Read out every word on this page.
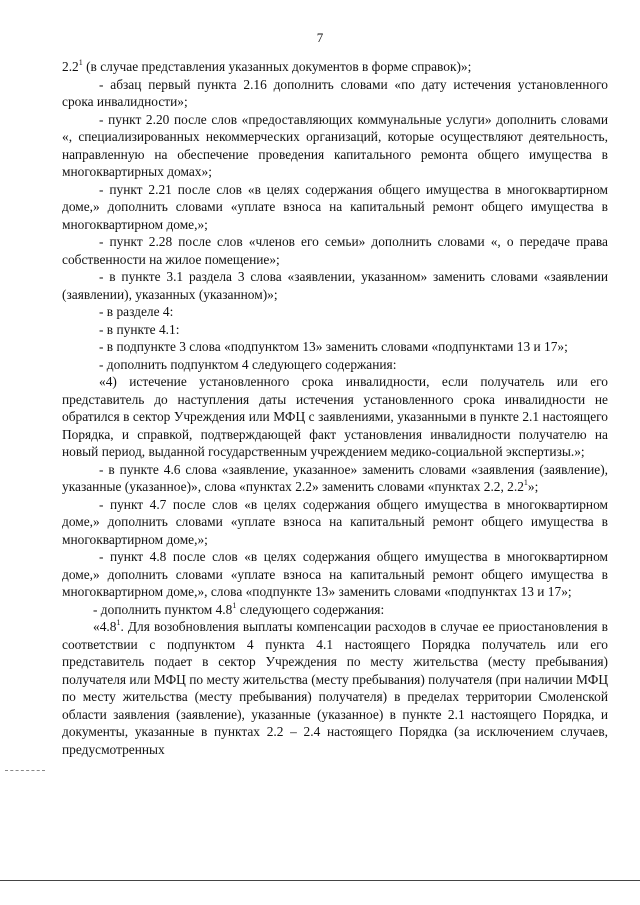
7

$2.2^1$ (в случае представления указанных документов в форме справок)»;

- абзац первый пункта 2.16 дополнить словами «по дату истечения установленного срока инвалидности»;

- пункт 2.20 после слов «предоставляющих коммунальные услуги» дополнить словами «, специализированных некоммерческих организаций, которые осуществляют деятельность, направленную на обеспечение проведения капитального ремонта общего имущества в многоквартирных домах»;

- пункт 2.21 после слов «в целях содержания общего имущества в многоквартирном доме,» дополнить словами «уплате взноса на капитальный ремонт общего имущества в многоквартирном доме,»;

- пункт 2.28 после слов «членов его семьи» дополнить словами «, о передаче права собственности на жилое помещение»;

- в пункте 3.1 раздела 3 слова «заявлении, указанном» заменить словами «заявлении (заявлении), указанных (указанном)»;

- в разделе 4:

- в пункте 4.1:

- в подпункте 3 слова «подпунктом 13» заменить словами «подпунктами 13 и 17»;

- дополнить подпунктом 4 следующего содержания:

«4) истечение установленного срока инвалидности, если получатель или его представитель до наступления даты истечения установленного срока инвалидности не обратился в сектор Учреждения или МФЦ с заявлениями, указанными в пункте 2.1 настоящего Порядка, и справкой, подтверждающей факт установления инвалидности получателю на новый период, выданной государственным учреждением медико-социальной экспертизы.»;

- в пункте 4.6 слова «заявление, указанное» заменить словами «заявления (заявление), указанные (указанное)», слова «пунктах 2.2» заменить словами «пунктах 2.2, $2.2^1$»;

- пункт 4.7 после слов «в целях содержания общего имущества в многоквартирном доме,» дополнить словами «уплате взноса на капитальный ремонт общего имущества в многоквартирном доме,»;

- пункт 4.8 после слов «в целях содержания общего имущества в многоквартирном доме,» дополнить словами «уплате взноса на капитальный ремонт общего имущества в многоквартирном доме,», слова «подпункте 13» заменить словами «подпунктах 13 и 17»;

- дополнить пунктом $4.8^1$ следующего содержания:

«$4.8^1$. Для возобновления выплаты компенсации расходов в случае ее приостановления в соответствии с подпунктом 4 пункта 4.1 настоящего Порядка получатель или его представитель подает в сектор Учреждения по месту жительства (месту пребывания) получателя или МФЦ по месту жительства (месту пребывания) получателя (при наличии МФЦ по месту жительства (месту пребывания) получателя) в пределах территории Смоленской области заявления (заявление), указанные (указанное) в пункте 2.1 настоящего Порядка, и документы, указанные в пунктах 2.2 – 2.4 настоящего Порядка (за исключением случаев, предусмотренных
